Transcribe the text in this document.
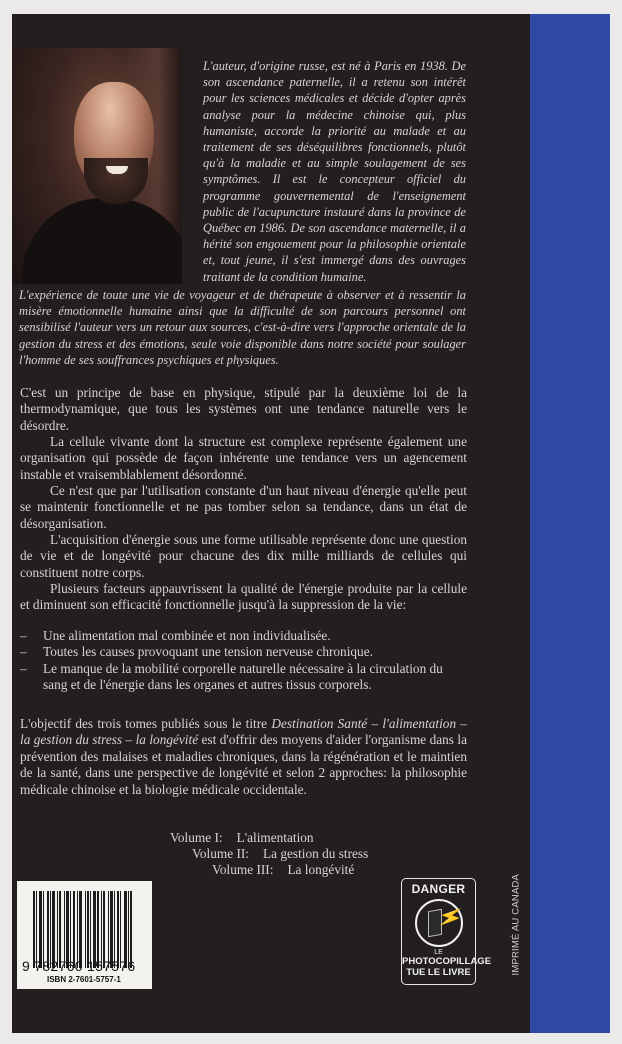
L'auteur, d'origine russe, est né à Paris en 1938. De son ascendance paternelle, il a retenu son intérêt pour les sciences médicales et décide d'opter après analyse pour la médecine chinoise qui, plus humaniste, accorde la priorité au malade et au traitement de ses déséquilibres fonctionnels, plutôt qu'à la maladie et au simple soulagement de ses symptômes. Il est le concepteur officiel du programme gouvernemental de l'enseignement public de l'acupuncture instauré dans la province de Québec en 1986. De son ascendance maternelle, il a hérité son engouement pour la philosophie orientale et, tout jeune, il s'est immergé dans des ouvrages traitant de la condition humaine.

L'expérience de toute une vie de voyageur et de thérapeute à observer et à ressentir la misère émotionnelle humaine ainsi que la difficulté de son parcours personnel ont sensibilisé l'auteur vers un retour aux sources, c'est-à-dire vers l'approche orientale de la gestion du stress et des émotions, seule voie disponible dans notre société pour soulager l'homme de ses souffrances psychiques et physiques.

C'est un principe de base en physique, stipulé par la deuxième loi de la thermodynamique, que tous les systèmes ont une tendance naturelle vers le désordre.

La cellule vivante dont la structure est complexe représente également une organisation qui possède de façon inhérente une tendance vers un agencement instable et vraisemblablement désordonné.

Ce n'est que par l'utilisation constante d'un haut niveau d'énergie qu'elle peut se maintenir fonctionnelle et ne pas tomber selon sa tendance, dans un état de désorganisation.

L'acquisition d'énergie sous une forme utilisable représente donc une question de vie et de longévité pour chacune des dix mille milliards de cellules qui constituent notre corps.

Plusieurs facteurs appauvrissent la qualité de l'énergie produite par la cellule et diminuent son efficacité fonctionnelle jusqu'à la suppression de la vie:

– Une alimentation mal combinée et non individualisée.
– Toutes les causes provoquant une tension nerveuse chronique.
– Le manque de la mobilité corporelle naturelle nécessaire à la circulation du sang et de l'énergie dans les organes et autres tissus corporels.

L'objectif des trois tomes publiés sous le titre Destination Santé – l'alimentation – la gestion du stress – la longévité est d'offrir des moyens d'aider l'organisme dans la prévention des malaises et maladies chroniques, dans la régénération et le maintien de la santé, dans une perspective de longévité et selon 2 approches: la philosophie médicale chinoise et la biologie médicale occidentale.

Volume I: L'alimentation
Volume II: La gestion du stress
Volume III: La longévité
9 782760 157576
ISBN 2-7601-5757-1
DANGER
⚡
LE
PHOTOCOPILLAGE
TUE LE LIVRE	IMPRIMÉ AU CANADA
